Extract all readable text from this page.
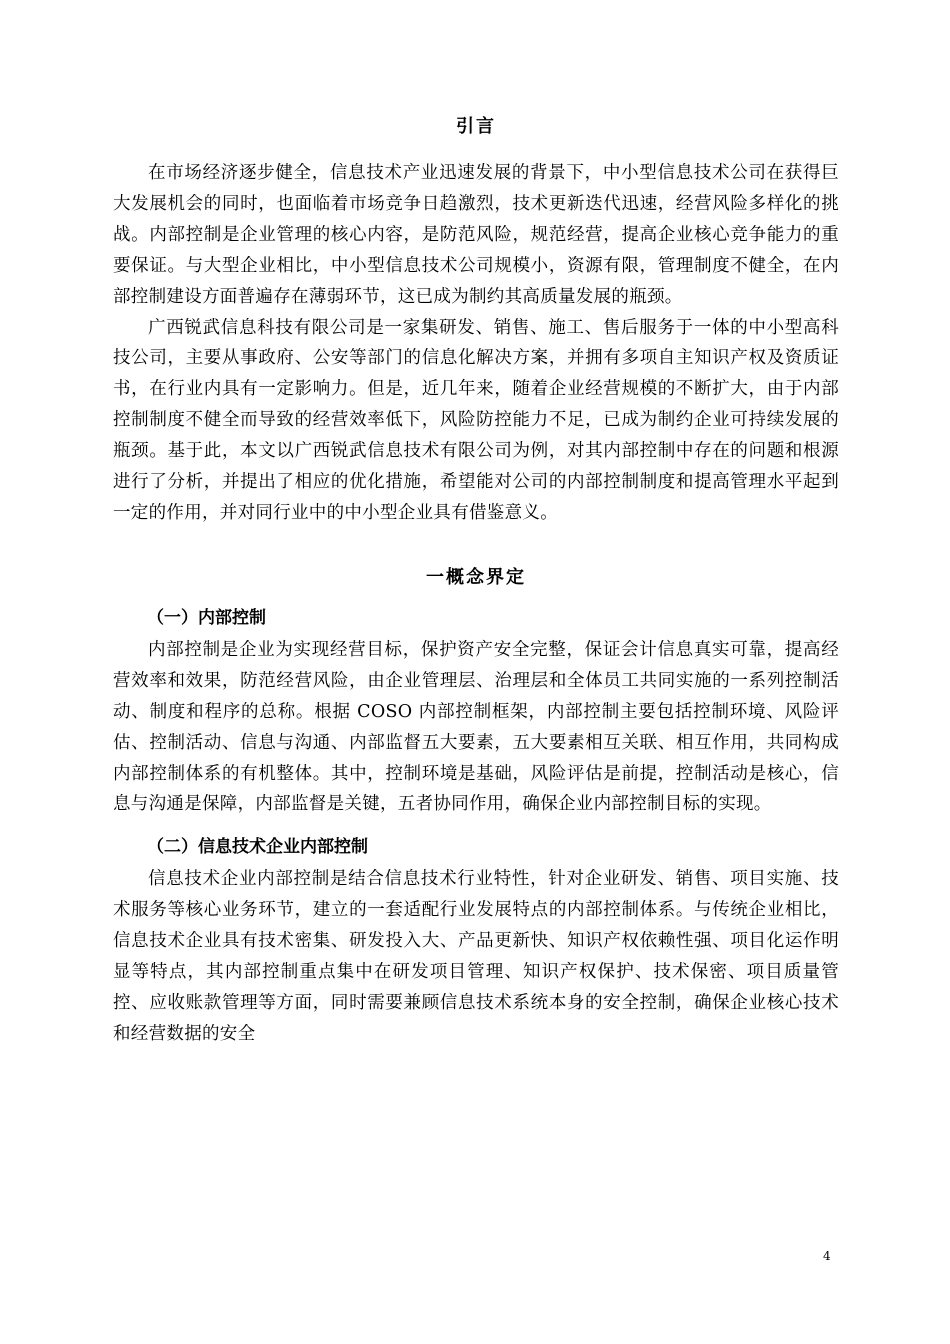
引言

在市场经济逐步健全，信息技术产业迅速发展的背景下，中小型信息技术公司在获得巨大发展机会的同时，也面临着市场竞争日趋激烈，技术更新迭代迅速，经营风险多样化的挑战。内部控制是企业管理的核心内容，是防范风险，规范经营，提高企业核心竞争能力的重要保证。与大型企业相比，中小型信息技术公司规模小，资源有限，管理制度不健全，在内部控制建设方面普遍存在薄弱环节，这已成为制约其高质量发展的瓶颈。

广西锐武信息科技有限公司是一家集研发、销售、施工、售后服务于一体的中小型高科技公司，主要从事政府、公安等部门的信息化解决方案，并拥有多项自主知识产权及资质证书，在行业内具有一定影响力。但是，近几年来，随着企业经营规模的不断扩大，由于内部控制制度不健全而导致的经营效率低下，风险防控能力不足，已成为制约企业可持续发展的瓶颈。基于此，本文以广西锐武信息技术有限公司为例，对其内部控制中存在的问题和根源进行了分析，并提出了相应的优化措施，希望能对公司的内部控制制度和提高管理水平起到一定的作用，并对同行业中的中小型企业具有借鉴意义。

一概念界定
（一）内部控制

内部控制是企业为实现经营目标，保护资产安全完整，保证会计信息真实可靠，提高经营效率和效果，防范经营风险，由企业管理层、治理层和全体员工共同实施的一系列控制活动、制度和程序的总称。根据 COSO 内部控制框架，内部控制主要包括控制环境、风险评估、控制活动、信息与沟通、内部监督五大要素，五大要素相互关联、相互作用，共同构成内部控制体系的有机整体。其中，控制环境是基础，风险评估是前提，控制活动是核心，信息与沟通是保障，内部监督是关键，五者协同作用，确保企业内部控制目标的实现。

（二）信息技术企业内部控制

信息技术企业内部控制是结合信息技术行业特性，针对企业研发、销售、项目实施、技术服务等核心业务环节，建立的一套适配行业发展特点的内部控制体系。与传统企业相比，信息技术企业具有技术密集、研发投入大、产品更新快、知识产权依赖性强、项目化运作明显等特点，其内部控制重点集中在研发项目管理、知识产权保护、技术保密、项目质量管控、应收账款管理等方面，同时需要兼顾信息技术系统本身的安全控制，确保企业核心技术和经营数据的安全

4
